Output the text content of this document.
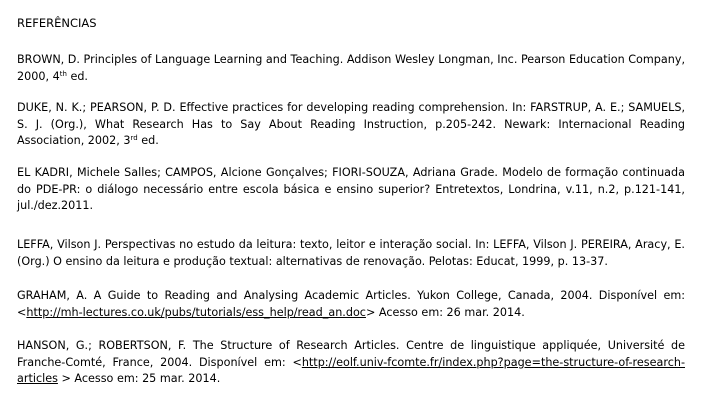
REFERÊNCIAS

BROWN, D. Principles of Language Learning and Teaching. Addison Wesley Longman, Inc. Pearson Education Company, 2000, 4th ed.

DUKE, N. K.; PEARSON, P. D. Effective practices for developing reading comprehension. In: FARSTRUP, A. E.; SAMUELS, S. J. (Org.), What Research Has to Say About Reading Instruction, p.205-242. Newark: Internacional Reading Association, 2002, 3rd ed.

EL KADRI, Michele Salles; CAMPOS, Alcione Gonçalves; FIORI-SOUZA, Adriana Grade. Modelo de formação continuada do PDE-PR: o diálogo necessário entre escola básica e ensino superior? Entretextos, Londrina, v.11, n.2, p.121-141, jul./dez.2011.

LEFFA, Vilson J. Perspectivas no estudo da leitura: texto, leitor e interação social. In: LEFFA, Vilson J. PEREIRA, Aracy, E. (Org.) O ensino da leitura e produção textual: alternativas de renovação. Pelotas: Educat, 1999, p. 13-37.

GRAHAM, A. A Guide to Reading and Analysing Academic Articles. Yukon College, Canada, 2004. Disponível em: <http://mh-lectures.co.uk/pubs/tutorials/ess_help/read_an.doc> Acesso em: 26 mar. 2014.

HANSON, G.; ROBERTSON, F. The Structure of Research Articles. Centre de linguistique appliquée, Université de Franche-Comté, France, 2004. Disponível em: <http://eolf.univ-fcomte.fr/index.php?page=the-structure-of-research-articles > Acesso em: 25 mar. 2014.
